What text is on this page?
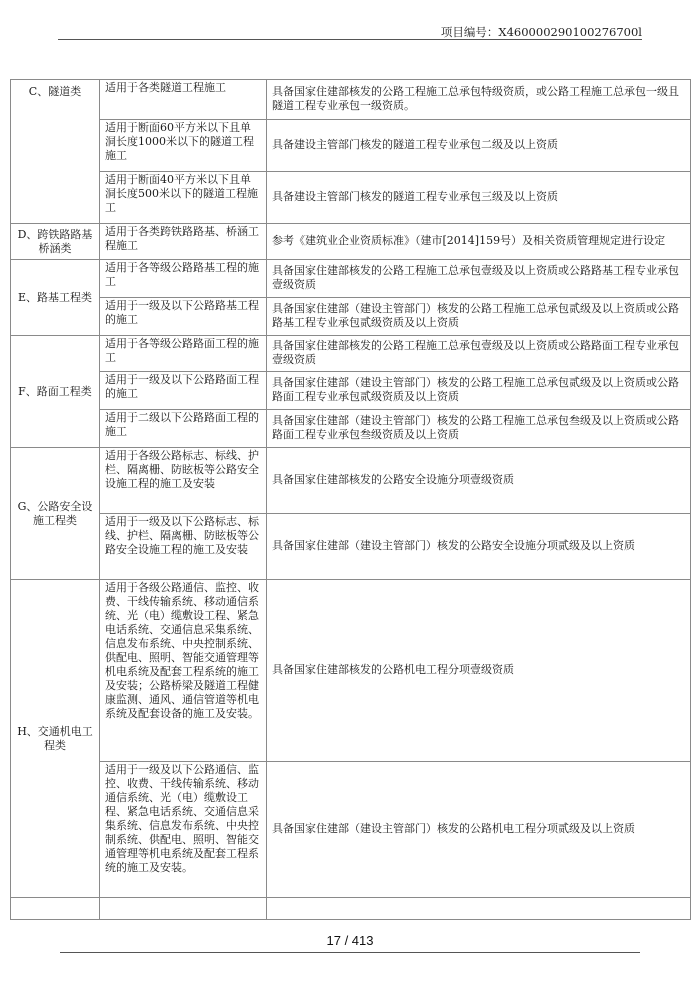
项目编号：X460000290100276700l
C、隧道类	适用于各类隧道工程施工	具备国家住建部核发的公路工程施工总承包特级资质，或公路工程施工总承包一级且隧道工程专业承包一级资质。
	适用于断面60平方米以下且单洞长度1000米以下的隧道工程施工	具备建设主管部门核发的隧道工程专业承包二级及以上资质
	适用于断面40平方米以下且单洞长度500米以下的隧道工程施工	具备建设主管部门核发的隧道工程专业承包三级及以上资质
D、跨铁路路基桥涵类	适用于各类跨铁路路基、桥涵工程施工	参考《建筑业企业资质标准》（建市[2014]159号）及相关资质管理规定进行设定
E、路基工程类	适用于各等级公路路基工程的施工	具备国家住建部核发的公路工程施工总承包壹级及以上资质或公路路基工程专业承包壹级资质
	适用于一级及以下公路路基工程的施工	具备国家住建部（建设主管部门）核发的公路工程施工总承包贰级及以上资质或公路路基工程专业承包贰级资质及以上资质
F、路面工程类	适用于各等级公路路面工程的施工	具备国家住建部核发的公路工程施工总承包壹级及以上资质或公路路面工程专业承包壹级资质
	适用于一级及以下公路路面工程的施工	具备国家住建部（建设主管部门）核发的公路工程施工总承包贰级及以上资质或公路路面工程专业承包贰级资质及以上资质
	适用于二级以下公路路面工程的施工	具备国家住建部（建设主管部门）核发的公路工程施工总承包叁级及以上资质或公路路面工程专业承包叁级资质及以上资质
G、公路安全设施工程类	适用于各级公路标志、标线、护栏、隔离栅、防眩板等公路安全设施工程的施工及安装	具备国家住建部核发的公路安全设施分项壹级资质
	适用于一级及以下公路标志、标线、护栏、隔离栅、防眩板等公路安全设施工程的施工及安装	具备国家住建部（建设主管部门）核发的公路安全设施分项贰级及以上资质
H、交通机电工程类	适用于各级公路通信、监控、收费、干线传输系统、移动通信系统、光（电）缆敷设工程、紧急电话系统、交通信息采集系统、信息发布系统、中央控制系统、供配电、照明、智能交通管理等机电系统及配套工程系统的施工及安装；公路桥梁及隧道工程健康监测、通风、通信管道等机电系统及配套设备的施工及安装。	具备国家住建部核发的公路机电工程分项壹级资质
	适用于一级及以下公路通信、监控、收费、干线传输系统、移动通信系统、光（电）缆敷设工程、紧急电话系统、交通信息采集系统、信息发布系统、中央控制系统、供配电、照明、智能交通管理等机电系统及配套工程系统的施工及安装。	具备国家住建部（建设主管部门）核发的公路机电工程分项贰级及以上资质

17 / 413
